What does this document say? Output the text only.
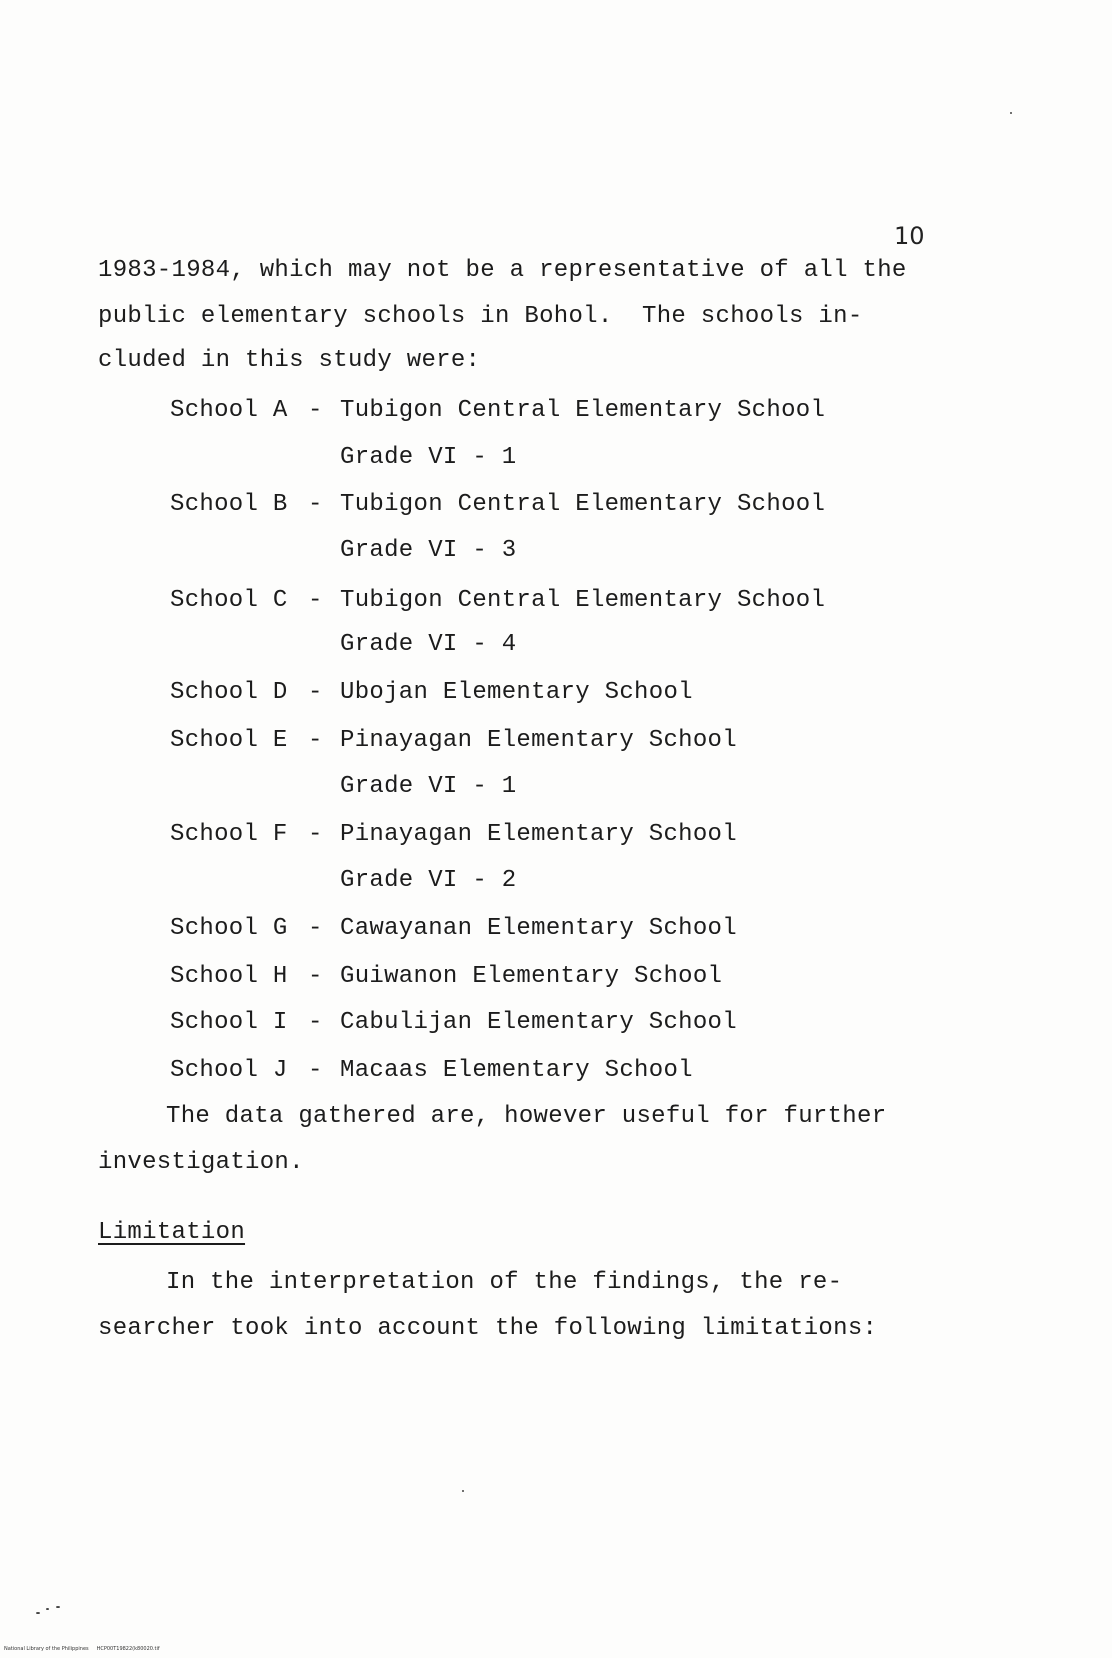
10
1983-1984, which may not be a representative of all the
public elementary schools in Bohol.  The schools in-
cluded in this study were:
School A - Tubigon Central Elementary School
Grade VI - 1
School B - Tubigon Central Elementary School
Grade VI - 3
School C - Tubigon Central Elementary School
Grade VI - 4
School D - Ubojan Elementary School
School E - Pinayagan Elementary School
Grade VI - 1
School F - Pinayagan Elementary School
Grade VI - 2
School G - Cawayanan Elementary School
School H - Guiwanon Elementary School
School I - Cabulijan Elementary School
School J - Macaas Elementary School
The data gathered are, however useful for further
investigation.
Limitation
In the interpretation of the findings, the re-
searcher took into account the following limitations:
National Library of the Philippines     HCP00T19822(k80020.tif
